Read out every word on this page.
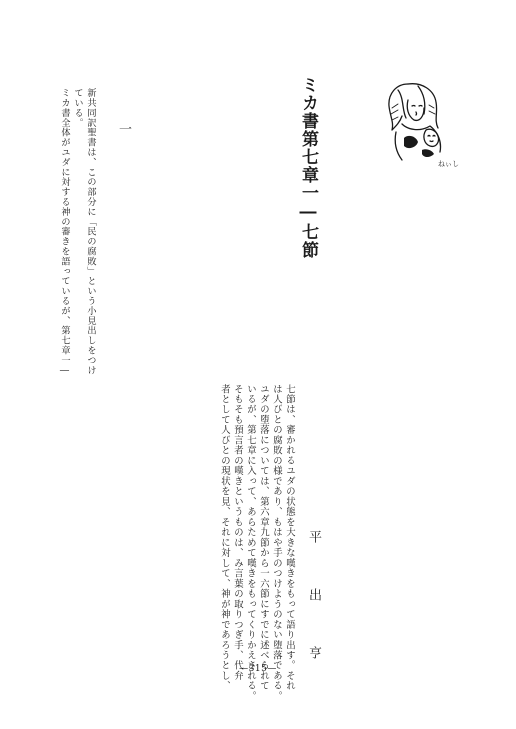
ねぃし
ミカ書第七章一―七節
平　出　亨
一
新共同訳聖書は、この部分に「民の腐敗」という小見出しをつけ
ている。
ミカ書全体がユダに対する神の審きを語っているが、第七章一―
七節は、審かれるユダの状態を大きな嘆きをもって語り出す。それ
は人びとの腐敗の様であり、もはや手のつけようのない堕落である。
ユダの堕落については、第六章九節から一六節にすでに述べられて
いるが、第七章に入って、あらためて嘆きをもってくりかえされる。
そもそも預言者の嘆きというものは、み言葉の取りつぎ手、代弁
者として人びとの現状を見、それに対して、神が神であろうとし、	—315—
